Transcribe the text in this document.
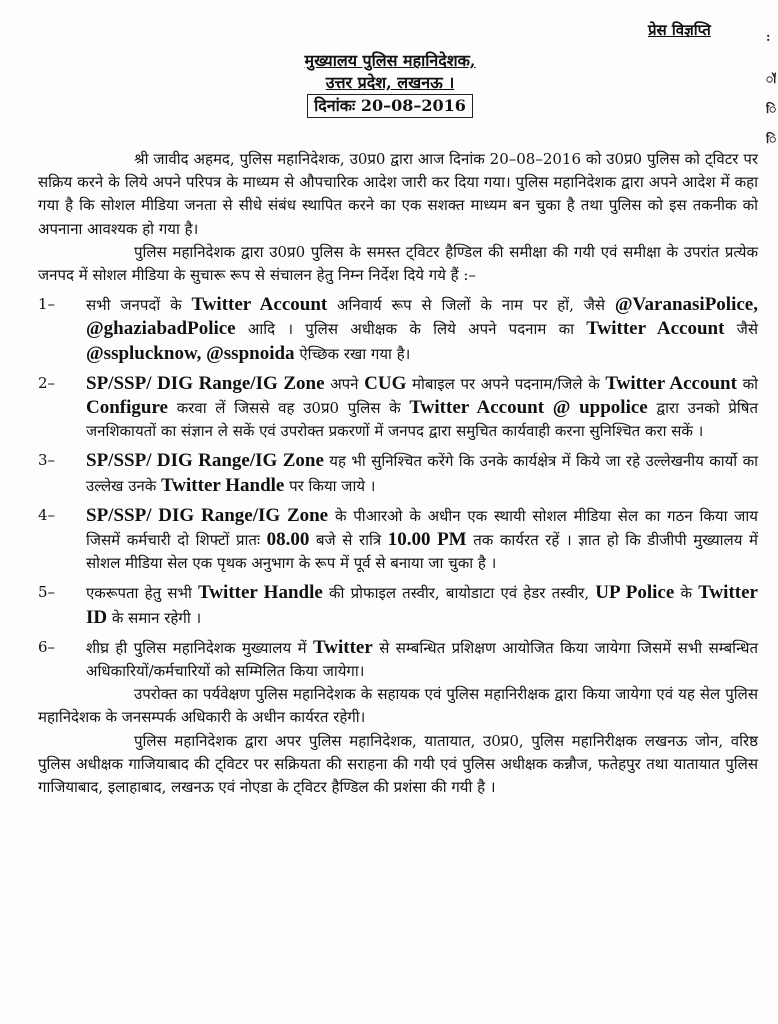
प्रेस विज्ञप्ति	:
ॉ
ि
ि
मुख्यालय पुलिस महानिदेशक,
उत्तर प्रदेश, लखनऊ ।
दिनांकः 20–08–2016

श्री जावीद अहमद, पुलिस महानिदेशक, उ0प्र0 द्वारा आज दिनांक 20–08–2016 को उ0प्र0 पुलिस को ट्विटर पर सक्रिय करने के लिये अपने परिपत्र के माध्यम से औपचारिक आदेश जारी कर दिया गया। पुलिस महानिदेशक द्वारा अपने आदेश में कहा गया है कि सोशल मीडिया जनता से सीधे संबंध स्थापित करने का एक सशक्त माध्यम बन चुका है तथा पुलिस को इस तकनीक को अपनाना आवश्यक हो गया है।

पुलिस महानिदेशक द्वारा उ0प्र0 पुलिस के समस्त ट्विटर हैण्डिल की समीक्षा की गयी एवं समीक्षा के उपरांत प्रत्येक जनपद में सोशल मीडिया के सुचारू रूप से संचालन हेतु निम्न निर्देश दिये गये हैं :–

1–	सभी जनपदों के Twitter Account अनिवार्य रूप से जिलों के नाम पर हों, जैसे @VaranasiPolice, @ghaziabadPolice आदि । पुलिस अधीक्षक के लिये अपने पदनाम का Twitter Account जैसे @ssplucknow, @sspnoida ऐच्छिक रखा गया है।

2–	SP/SSP/ DIG Range/IG Zone अपने CUG मोबाइल पर अपने पदनाम/जिले के Twitter Account को Configure करवा लें जिससे वह उ0प्र0 पुलिस के Twitter Account @ uppolice द्वारा उनको प्रेषित जनशिकायतों का संज्ञान ले सकें एवं उपरोक्त प्रकरणों में जनपद द्वारा समुचित कार्यवाही करना सुनिश्चित करा सकें ।

3–	SP/SSP/ DIG Range/IG Zone यह भी सुनिश्चित करेंगे कि उनके कार्यक्षेत्र में किये जा रहे उल्लेखनीय कार्यो का उल्लेख उनके Twitter Handle पर किया जाये ।

4–	SP/SSP/ DIG Range/IG Zone के पीआरओ के अधीन एक स्थायी सोशल मीडिया सेल का गठन किया जाय जिसमें कर्मचारी दो शिफ्टों प्रातः 08.00 बजे से रात्रि 10.00 PM तक कार्यरत रहें । ज्ञात हो कि डीजीपी मुख्यालय में सोशल मीडिया सेल एक पृथक अनुभाग के रूप में पूर्व से बनाया जा चुका है ।

5–	एकरूपता हेतु सभी Twitter Handle की प्रोफाइल तस्वीर, बायोडाटा एवं हेडर तस्वीर, UP Police के Twitter ID के समान रहेगी ।

6–	शीघ्र ही पुलिस महानिदेशक मुख्यालय में Twitter से सम्बन्धित प्रशिक्षण आयोजित किया जायेगा जिसमें सभी सम्बन्धित अधिकारियों/कर्मचारियों को सम्मिलित किया जायेगा।

उपरोक्त का पर्यवेक्षण पुलिस महानिदेशक के सहायक एवं पुलिस महानिरीक्षक द्वारा किया जायेगा एवं यह सेल पुलिस महानिदेशक के जनसम्पर्क अधिकारी के अधीन कार्यरत रहेगी।

पुलिस महानिदेशक द्वारा अपर पुलिस महानिदेशक, यातायात, उ0प्र0, पुलिस महानिरीक्षक लखनऊ जोन, वरिष्ठ पुलिस अधीक्षक गाजियाबाद की ट्विटर पर सक्रियता की सराहना की गयी एवं पुलिस अधीक्षक कन्नौज, फतेहपुर तथा यातायात पुलिस गाजियाबाद, इलाहाबाद, लखनऊ एवं नोएडा के ट्विटर हैण्डिल की प्रशंसा की गयी है ।
